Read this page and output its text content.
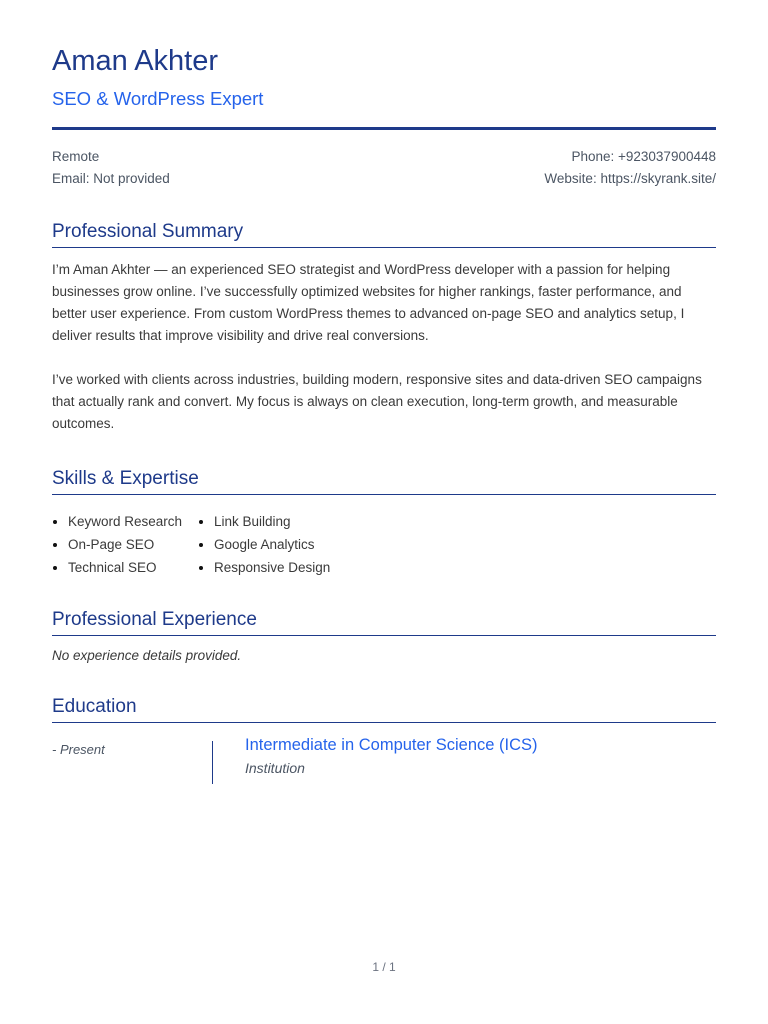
Aman Akhter
SEO & WordPress Expert
Remote	Phone: +923037900448
Email: Not provided	Website: https://skyrank.site/
Professional Summary

I’m Aman Akhter — an experienced SEO strategist and WordPress developer with a passion for helping businesses grow online. I’ve successfully optimized websites for higher rankings, faster performance, and better user experience. From custom WordPress themes to advanced on-page SEO and analytics setup, I deliver results that improve visibility and drive real conversions.

I’ve worked with clients across industries, building modern, responsive sites and data-driven SEO campaigns that actually rank and convert. My focus is always on clean execution, long-term growth, and measurable outcomes.

Skills & Expertise
Keyword Research
On-Page SEO
Technical SEO
Link Building
Google Analytics
Responsive Design
Professional Experience

No experience details provided.

Education
- Present	Intermediate in Computer Science (ICS)
Institution
1 / 1
